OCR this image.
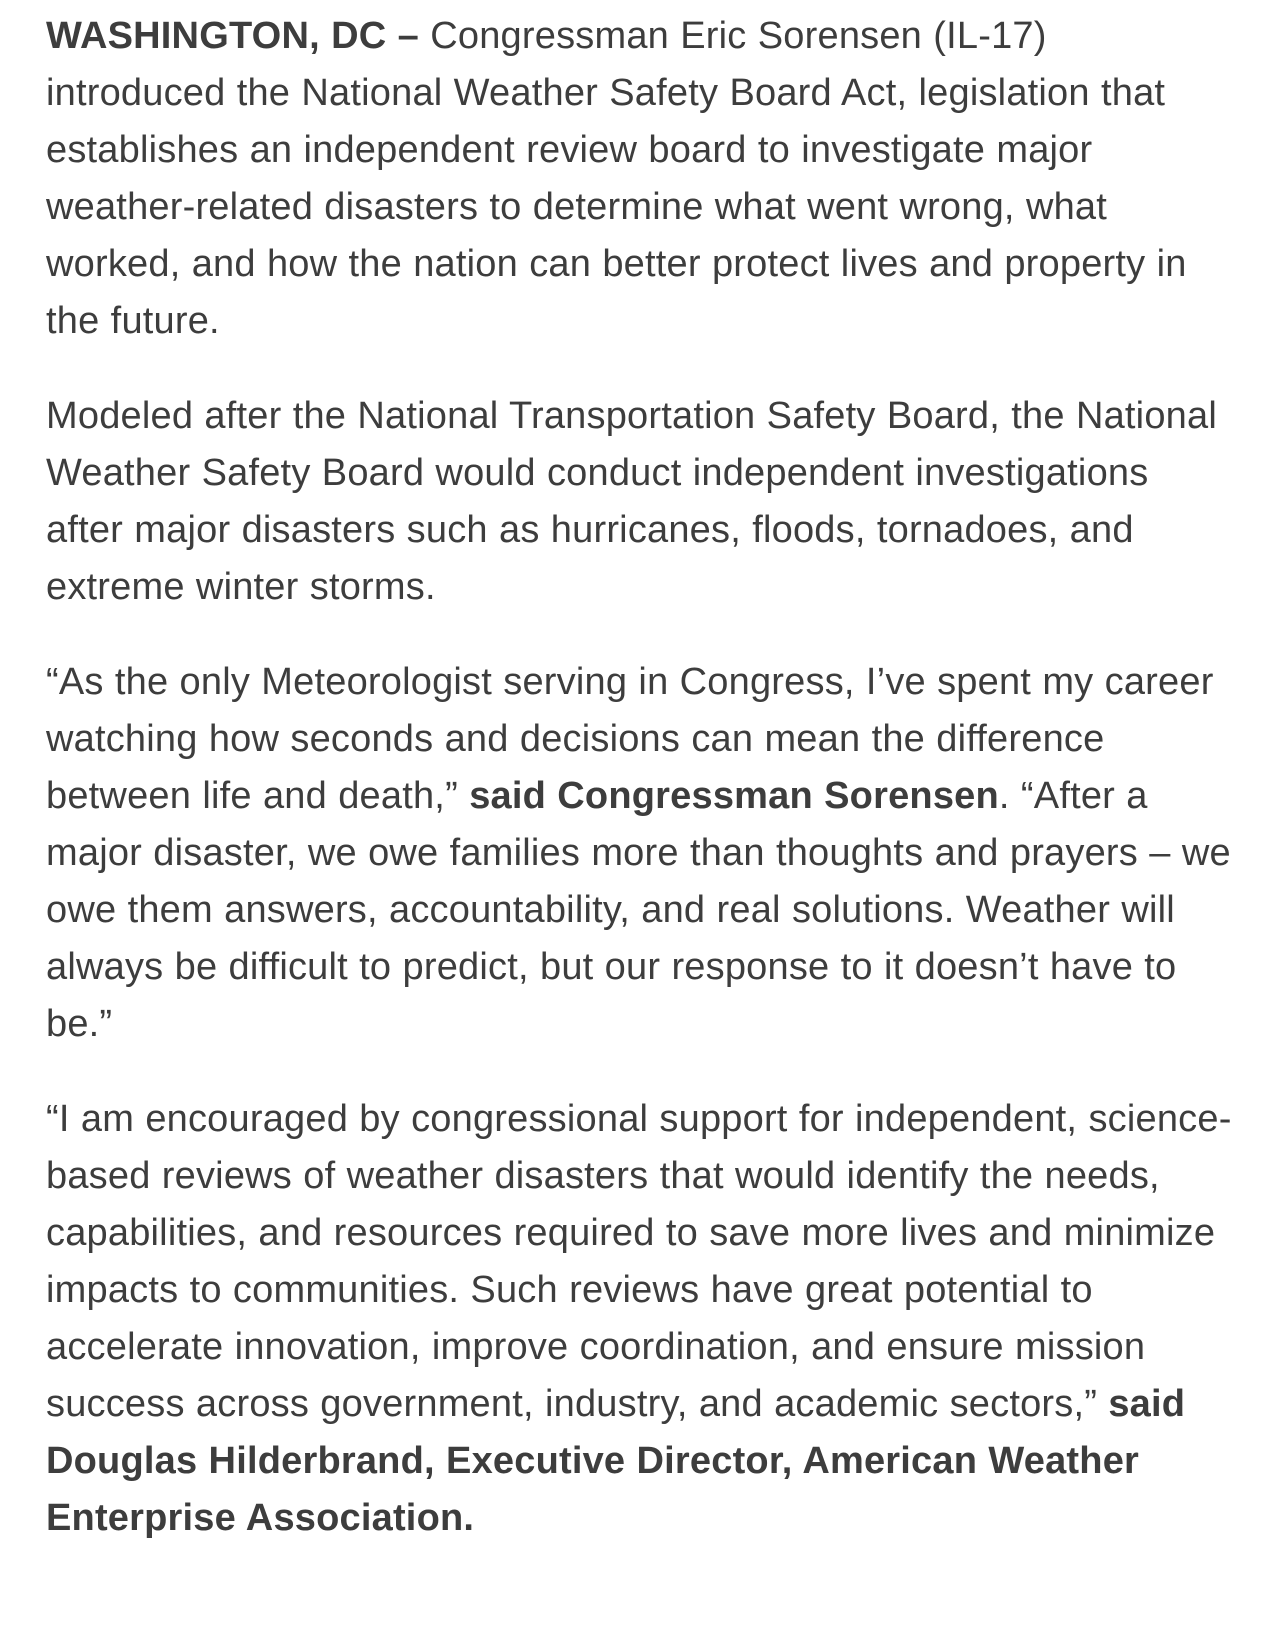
WASHINGTON, DC – Congressman Eric Sorensen (IL-17) introduced the National Weather Safety Board Act, legislation that establishes an independent review board to investigate major weather-related disasters to determine what went wrong, what worked, and how the nation can better protect lives and property in the future.

Modeled after the National Transportation Safety Board, the National Weather Safety Board would conduct independent investigations after major disasters such as hurricanes, floods, tornadoes, and extreme winter storms.

“As the only Meteorologist serving in Congress, I’ve spent my career watching how seconds and decisions can mean the difference between life and death,” said Congressman Sorensen. “After a major disaster, we owe families more than thoughts and prayers – we owe them answers, accountability, and real solutions. Weather will always be difficult to predict, but our response to it doesn’t have to be.”

“I am encouraged by congressional support for independent, science-based reviews of weather disasters that would identify the needs, capabilities, and resources required to save more lives and minimize impacts to communities. Such reviews have great potential to accelerate innovation, improve coordination, and ensure mission success across government, industry, and academic sectors,” said Douglas Hilderbrand, Executive Director, American Weather Enterprise Association.
